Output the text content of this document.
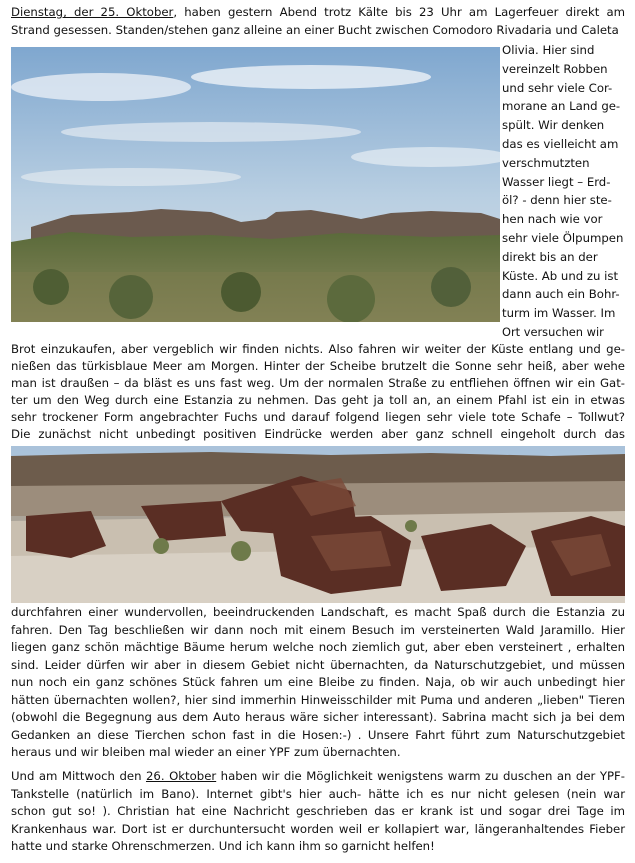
Dienstag, der 25. Oktober, haben gestern Abend trotz Kälte bis 23 Uhr am Lagerfeuer direkt am
Strand gesessen. Standen/stehen ganz alleine an einer Bucht zwischen Comodoro Rivadaria und Caleta
Olivia. Hier sind
vereinzelt Robben
und sehr viele Cor-
morane an Land ge-
spült. Wir denken
das es vielleicht am
verschmutzten
Wasser liegt – Erd-
öl? - denn hier ste-
hen nach wie vor
sehr viele Ölpumpen
direkt bis an der
Küste. Ab und zu ist
dann auch ein Bohr-
turm im Wasser. Im
Ort versuchen wir
Brot einzukaufen, aber vergeblich wir finden nichts. Also fahren wir weiter der Küste entlang und ge-
nießen das türkisblaue Meer am Morgen. Hinter der Scheibe brutzelt die Sonne sehr heiß, aber wehe
man ist draußen – da bläst es uns fast weg. Um der normalen Straße zu entfliehen öffnen wir ein Gat-
ter um den Weg durch eine Estanzia zu nehmen. Das geht ja toll an, an einem Pfahl ist ein in etwas
sehr trockener Form angebrachter Fuchs und darauf folgend liegen sehr viele tote Schafe – Tollwut?
Die zunächst nicht unbedingt positiven Eindrücke werden aber ganz schnell eingeholt durch das
durchfahren einer wundervollen, beeindruckenden Landschaft, es macht Spaß durch die Estanzia zu
fahren. Den Tag beschließen wir dann noch mit einem Besuch im versteinerten Wald Jaramillo. Hier
liegen ganz schön mächtige Bäume herum welche noch ziemlich gut, aber eben versteinert , erhalten
sind. Leider dürfen wir aber in diesem Gebiet nicht übernachten, da Naturschutzgebiet, und müssen
nun noch ein ganz schönes Stück fahren um eine Bleibe zu finden. Naja, ob wir auch unbedingt hier
hätten übernachten wollen?, hier sind immerhin Hinweisschilder mit Puma und anderen „lieben" Tieren
(obwohl die Begegnung aus dem Auto heraus wäre sicher interessant). Sabrina macht sich ja bei dem
Gedanken an diese Tierchen schon fast in die Hosen:-) . Unsere Fahrt führt zum Naturschutzgebiet
heraus und wir bleiben mal wieder an einer YPF zum übernachten.
Und am Mittwoch den 26. Oktober haben wir die Möglichkeit wenigstens warm zu duschen an der YPF-
Tankstelle (natürlich im Bano). Internet gibt's hier auch- hätte ich es nur nicht gelesen (nein war
schon gut so! ). Christian hat eine Nachricht geschrieben das er krank ist und sogar drei Tage im
Krankenhaus war. Dort ist er durchuntersucht worden weil er kollapiert war, längeranhaltendes Fieber
hatte und starke Ohrenschmerzen. Und ich kann ihm so garnicht helfen!
